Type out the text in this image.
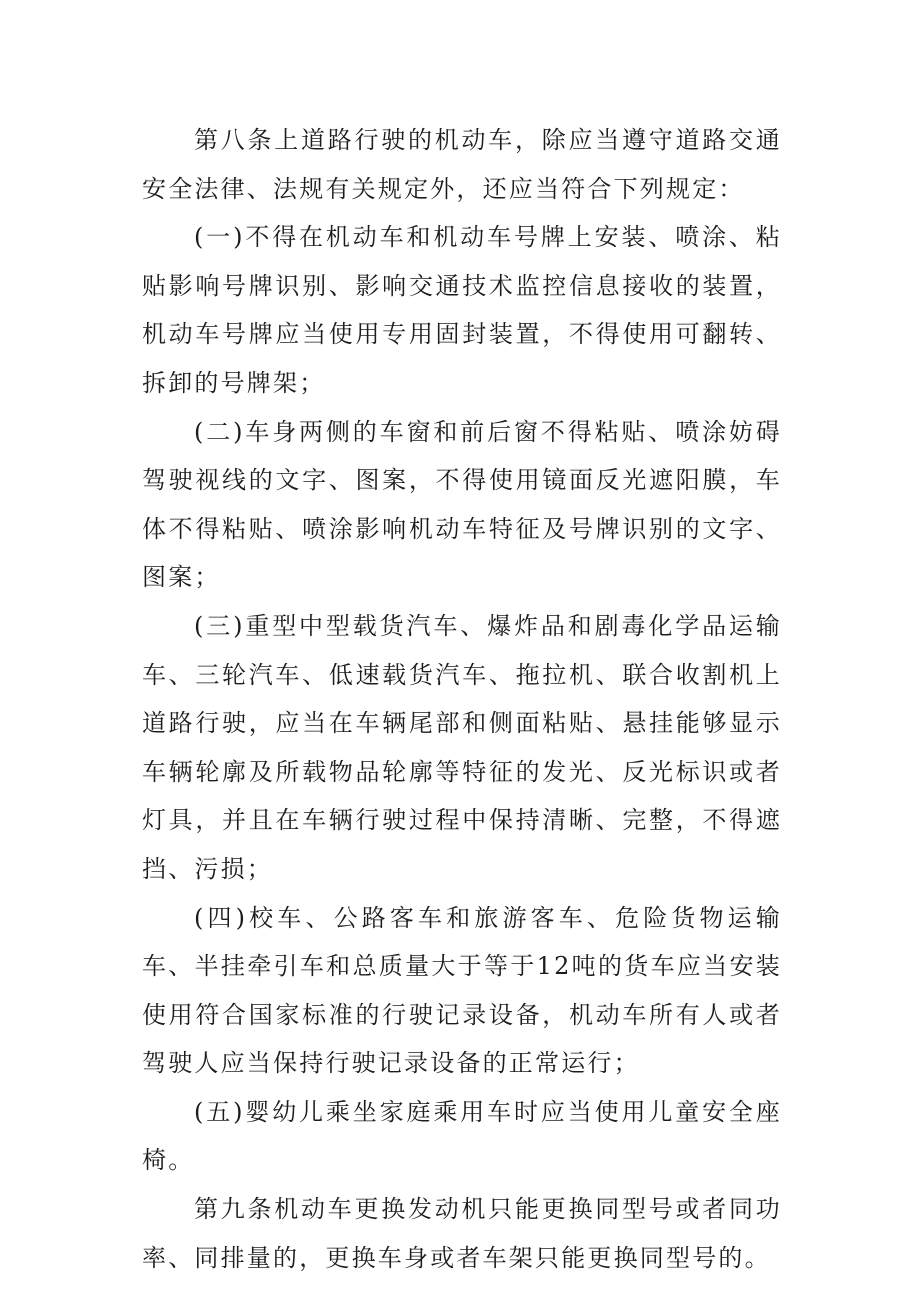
第八条上道路行驶的机动车，除应当遵守道路交通安全法律、法规有关规定外，还应当符合下列规定：

(一)不得在机动车和机动车号牌上安装、喷涂、粘贴影响号牌识别、影响交通技术监控信息接收的装置，机动车号牌应当使用专用固封装置，不得使用可翻转、拆卸的号牌架；

(二)车身两侧的车窗和前后窗不得粘贴、喷涂妨碍驾驶视线的文字、图案，不得使用镜面反光遮阳膜，车体不得粘贴、喷涂影响机动车特征及号牌识别的文字、图案；

(三)重型中型载货汽车、爆炸品和剧毒化学品运输车、三轮汽车、低速载货汽车、拖拉机、联合收割机上道路行驶，应当在车辆尾部和侧面粘贴、悬挂能够显示车辆轮廓及所载物品轮廓等特征的发光、反光标识或者灯具，并且在车辆行驶过程中保持清晰、完整，不得遮挡、污损；

(四)校车、公路客车和旅游客车、危险货物运输车、半挂牵引车和总质量大于等于12吨的货车应当安装使用符合国家标准的行驶记录设备，机动车所有人或者驾驶人应当保持行驶记录设备的正常运行；

(五)婴幼儿乘坐家庭乘用车时应当使用儿童安全座椅。

第九条机动车更换发动机只能更换同型号或者同功率、同排量的，更换车身或者车架只能更换同型号的。
